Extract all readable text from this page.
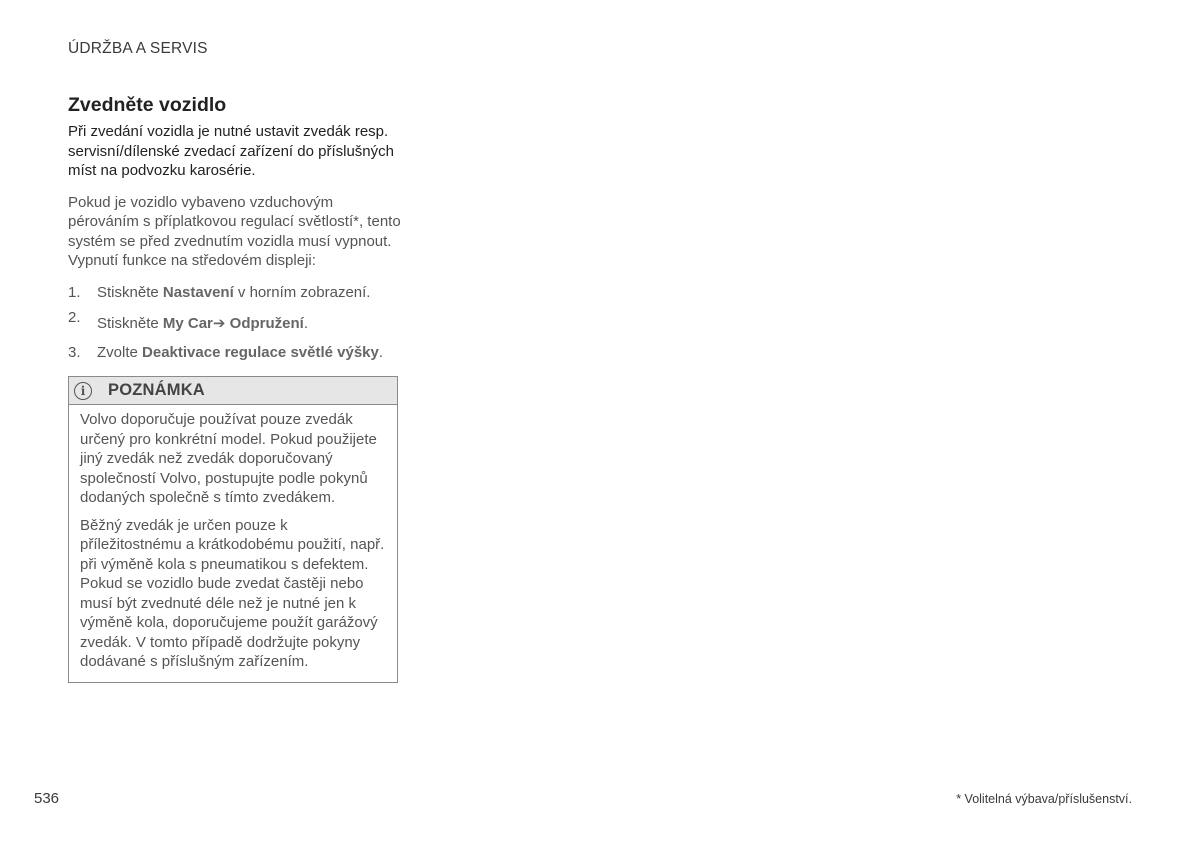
ÚDRŽBA A SERVIS
Zvedněte vozidlo

Při zvedání vozidla je nutné ustavit zvedák resp. servisní/dílenské zvedací zařízení do příslušných míst na podvozku karosérie.

Pokud je vozidlo vybaveno vzduchovým pérováním s příplatkovou regulací světlostí*, tento systém se před zvednutím vozidla musí vypnout. Vypnutí funkce na středovém displeji:

1. Stiskněte Nastavení v horním zobrazení.
2. Stiskněte My Car➔ Odpružení.
3. Zvolte Deaktivace regulace světlé výšky.
i	POZNÁMKA

Volvo doporučuje používat pouze zvedák určený pro konkrétní model. Pokud použijete jiný zvedák než zvedák doporučovaný společností Volvo, postupujte podle pokynů dodaných společně s tímto zvedákem.

Běžný zvedák je určen pouze k příležitostnému a krátkodobému použití, např. při výměně kola s pneumatikou s defektem. Pokud se vozidlo bude zvedat častěji nebo musí být zvednuté déle než je nutné jen k výměně kola, doporučujeme použít garážový zvedák. V tomto případě dodržujte pokyny dodávané s příslušným zařízením.

536	* Volitelná výbava/příslušenství.
